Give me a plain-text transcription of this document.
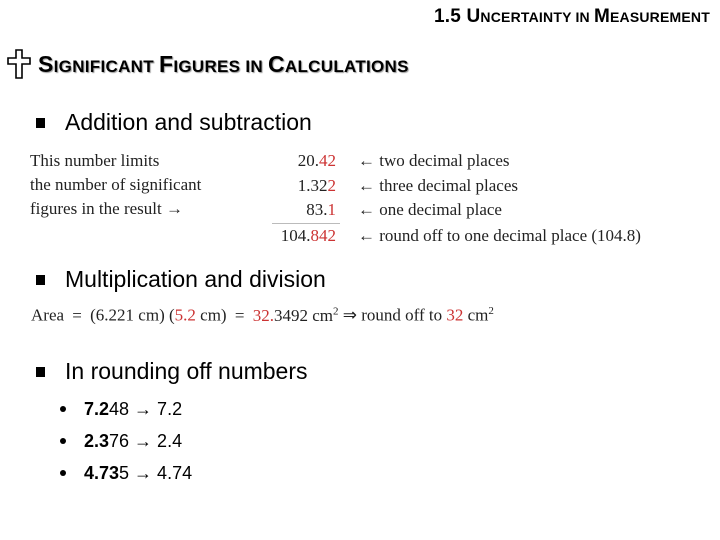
1.5 UNCERTAINTY IN MEASUREMENT
SIGNIFICANT FIGURES IN CALCULATIONS
Addition and subtraction
This number limits
the number of significant
figures in the result →
20.42 ← two decimal places
1.322 ← three decimal places
83.1 ← one decimal place
104.842 ← round off to one decimal place (104.8)
Multiplication and division
Area = (6.221 cm) (5.2 cm) = 32.3492 $cm^2$ ⇒ round off to 32 $cm^2$
In rounding off numbers
7.2 48 → 7.2
2.3 76 → 2.4
4.73 5 → 4.74
